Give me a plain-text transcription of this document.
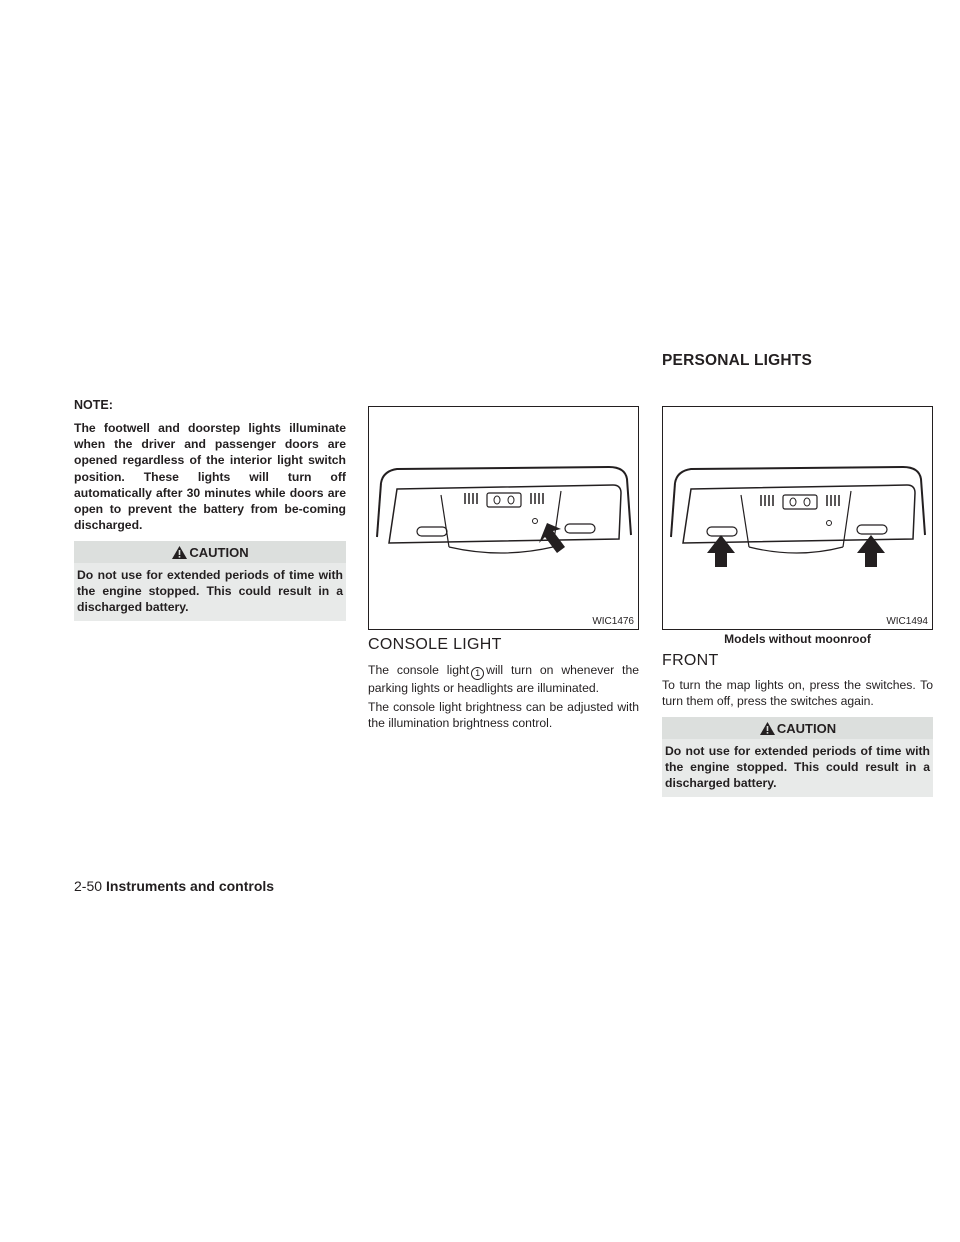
PERSONAL LIGHTS
NOTE:
The footwell and doorstep lights illuminate when the driver and passenger doors are opened regardless of the interior light switch position. These lights will turn off automatically after 30 minutes while doors are open to prevent the battery from be-coming discharged.
CAUTION
Do not use for extended periods of time with the engine stopped. This could result in a discharged battery.
WIC1476	WIC1494
Models without moonroof
CONSOLE LIGHT

The console light 1 will turn on whenever the parking lights or headlights are illuminated.

The console light brightness can be adjusted with the illumination brightness control.

FRONT

To turn the map lights on, press the switches. To turn them off, press the switches again.

CAUTION
Do not use for extended periods of time with the engine stopped. This could result in a discharged battery.
2-50 Instruments and controls
